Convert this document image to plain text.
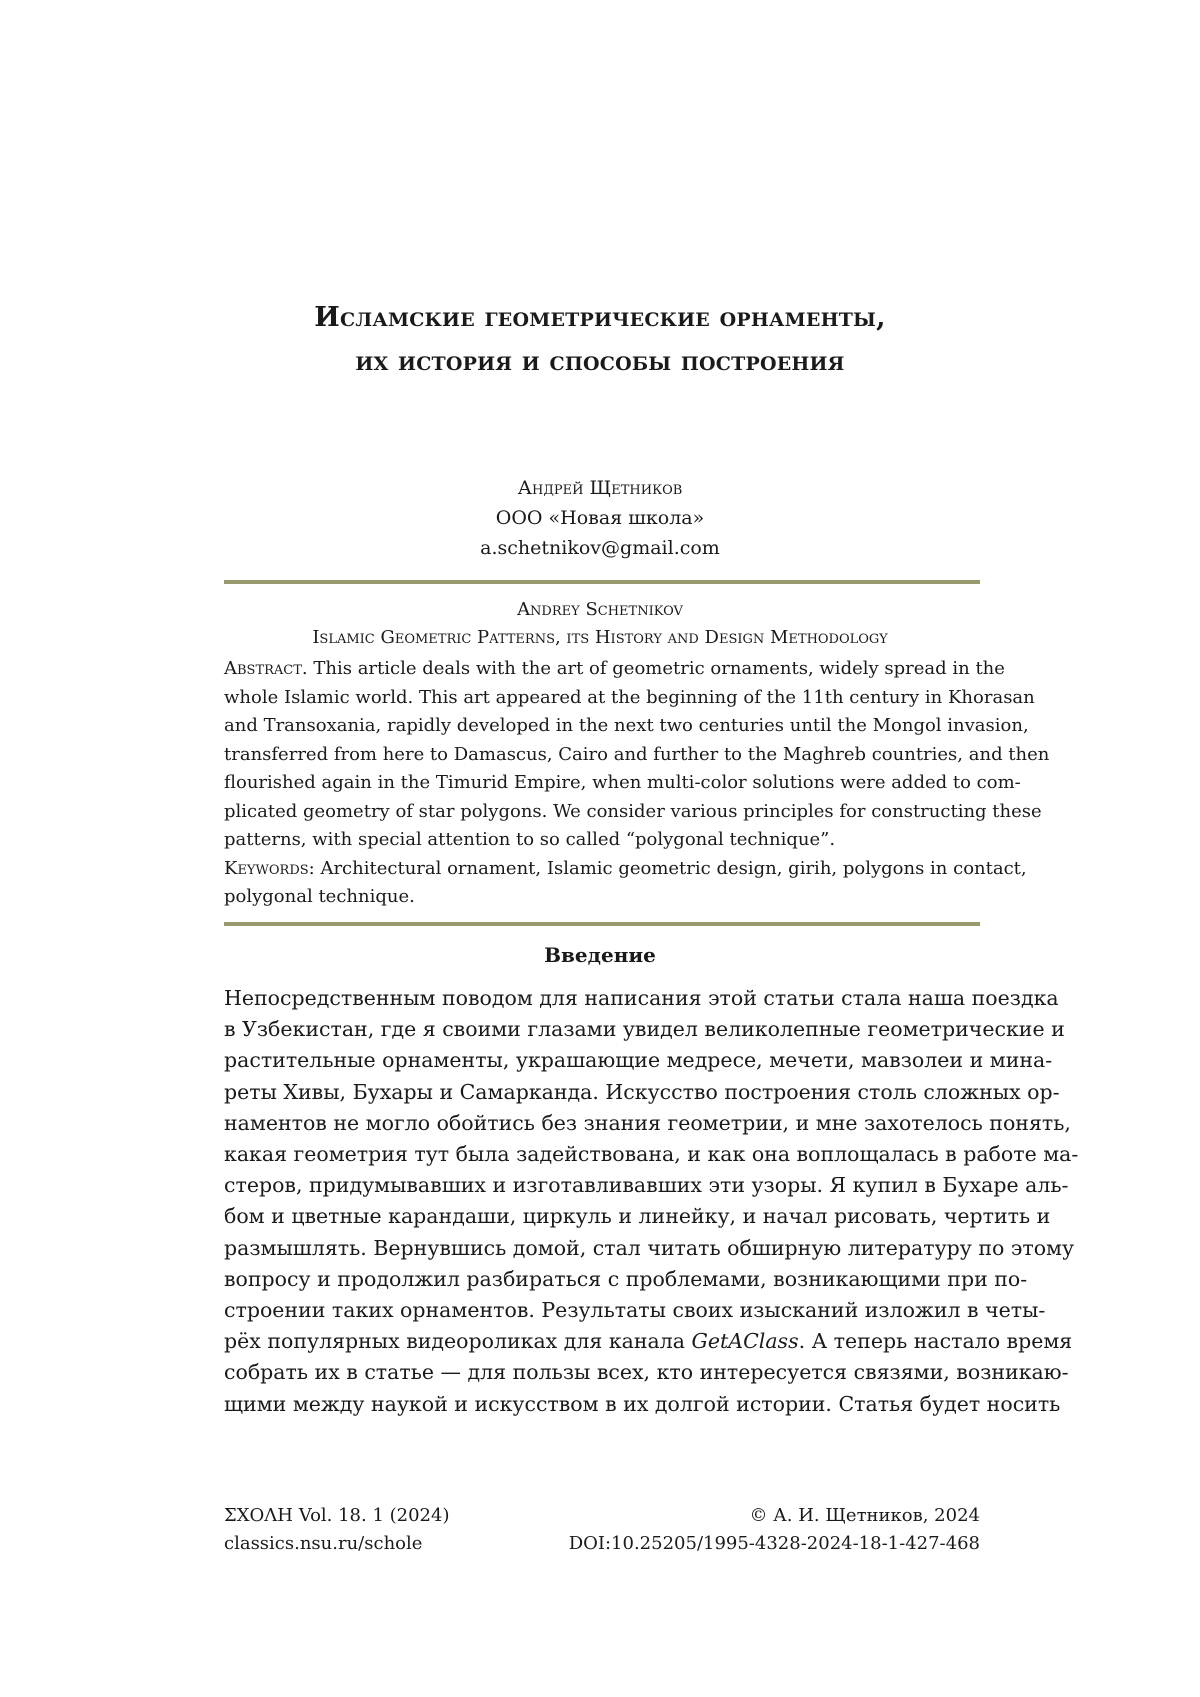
Исламские геометрические орнаменты,
их история и способы построения
Андрей Щетников
ООО «Новая школа»
a.schetnikov@gmail.com
Andrey Schetnikov
Islamic Geometric Patterns, its History and Design Methodology
Abstract. This article deals with the art of geometric ornaments, widely spread in the
whole Islamic world. This art appeared at the beginning of the 11th century in Khorasan
and Transoxania, rapidly developed in the next two centuries until the Mongol invasion,
transferred from here to Damascus, Cairo and further to the Maghreb countries, and then
flourished again in the Timurid Empire, when multi-color solutions were added to com-
plicated geometry of star polygons. We consider various principles for constructing these
patterns, with special attention to so called “polygonal technique”.
Keywords: Architectural ornament, Islamic geometric design, girih, polygons in contact,
polygonal technique.
Введение
Непосредственным поводом для написания этой статьи стала наша поездка
в Узбекистан, где я своими глазами увидел великолепные геометрические и
растительные орнаменты, украшающие медресе, мечети, мавзолеи и мина-
реты Хивы, Бухары и Самарканда. Искусство построения столь сложных ор-
наментов не могло обойтись без знания геометрии, и мне захотелось понять,
какая геометрия тут была задействована, и как она воплощалась в работе ма-
стеров, придумывавших и изготавливавших эти узоры. Я купил в Бухаре аль-
бом и цветные карандаши, циркуль и линейку, и начал рисовать, чертить и
размышлять. Вернувшись домой, стал читать обширную литературу по этому
вопросу и продолжил разбираться с проблемами, возникающими при по-
строении таких орнаментов. Результаты своих изысканий изложил в четы-
рёх популярных видеороликах для канала GetAClass. А теперь настало время
собрать их в статье — для пользы всех, кто интересуется связями, возникаю-
щими между наукой и искусством в их долгой истории. Статья будет носить
ΣΧΟΛΗ Vol. 18. 1 (2024)
classics.nsu.ru/schole
© А. И. Щетников, 2024
DOI:10.25205/1995-4328-2024-18-1-427-468
